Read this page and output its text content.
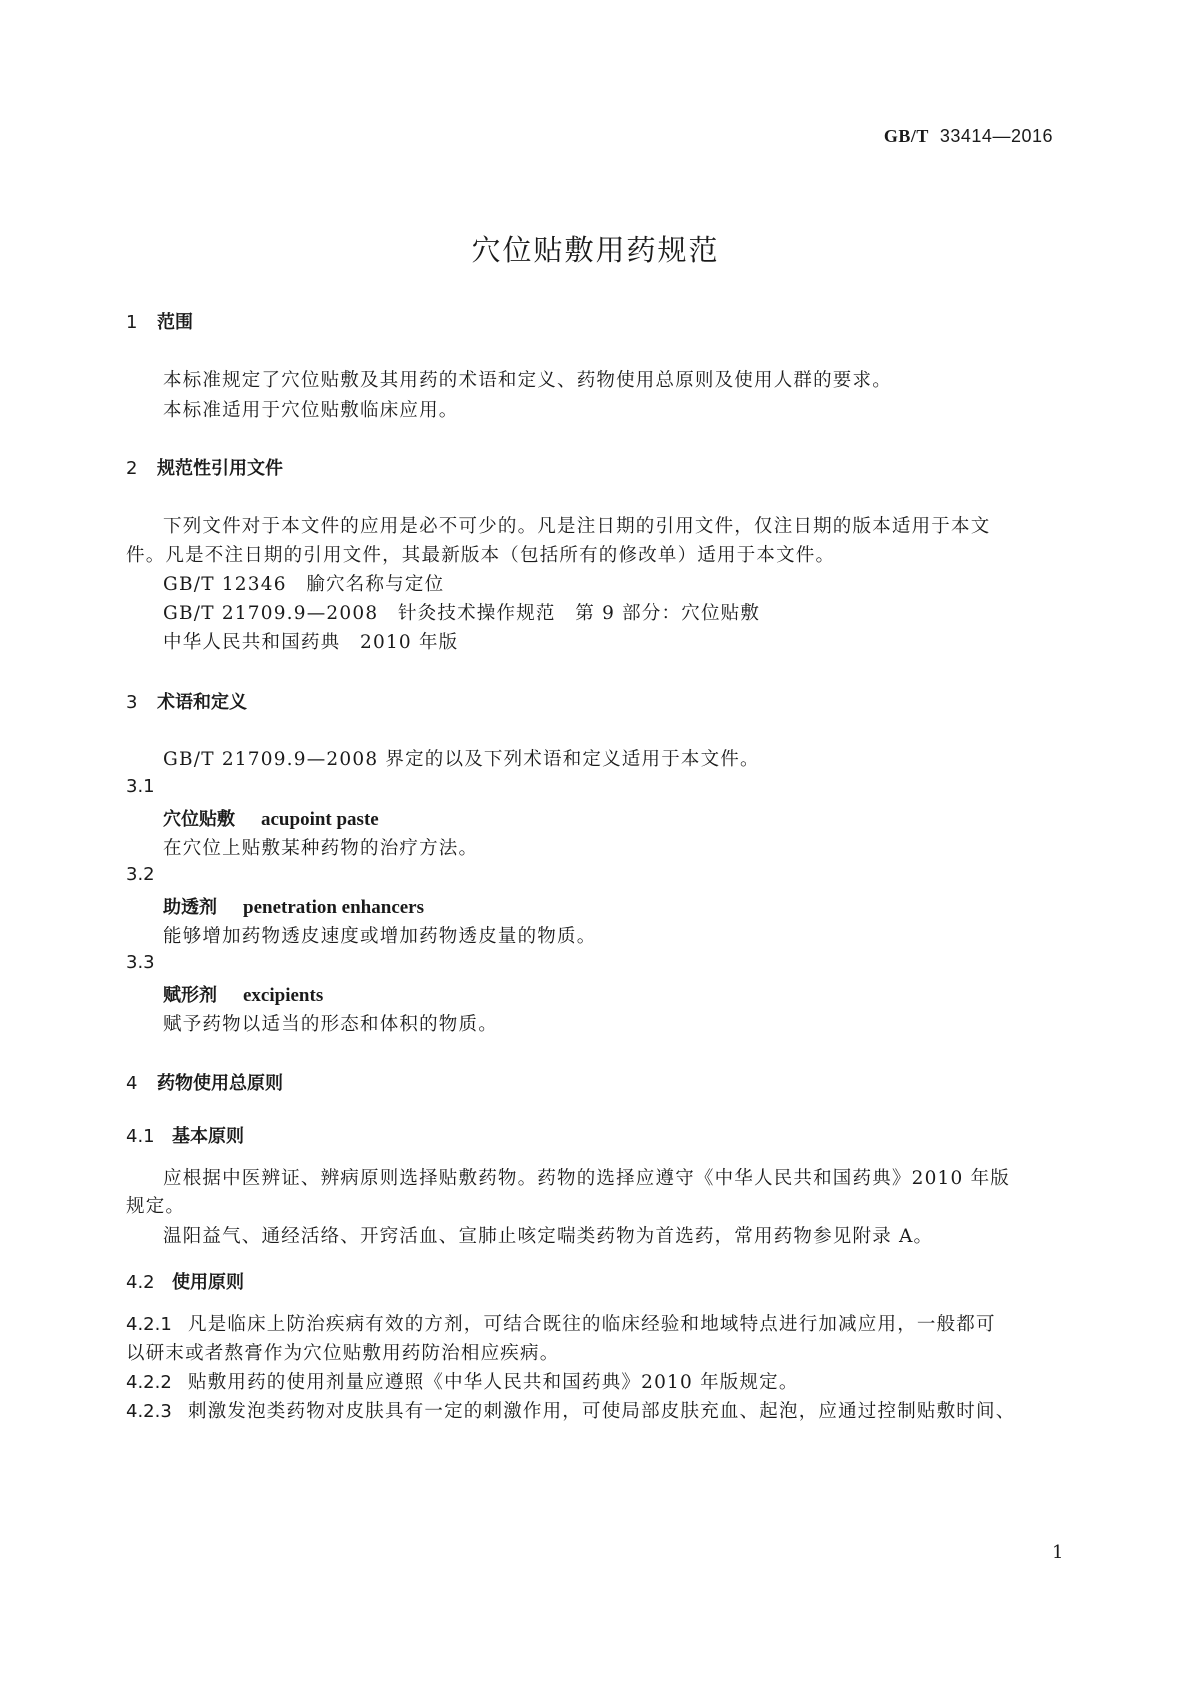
GB/T 33414—2016
穴位贴敷用药规范
1 范围
本标准规定了穴位贴敷及其用药的术语和定义、药物使用总原则及使用人群的要求。
本标准适用于穴位贴敷临床应用。
2 规范性引用文件
下列文件对于本文件的应用是必不可少的。凡是注日期的引用文件，仅注日期的版本适用于本文
件。凡是不注日期的引用文件，其最新版本（包括所有的修改单）适用于本文件。
GB/T 12346　腧穴名称与定位
GB/T 21709.9—2008　针灸技术操作规范　第 9 部分：穴位贴敷
中华人民共和国药典　2010 年版
3 术语和定义
GB/T 21709.9—2008 界定的以及下列术语和定义适用于本文件。
3.1
穴位贴敷 acupoint paste
在穴位上贴敷某种药物的治疗方法。
3.2
助透剂 penetration enhancers
能够增加药物透皮速度或增加药物透皮量的物质。
3.3
赋形剂 excipients
赋予药物以适当的形态和体积的物质。
4 药物使用总原则
4.1 基本原则
应根据中医辨证、辨病原则选择贴敷药物。药物的选择应遵守《中华人民共和国药典》2010 年版
规定。
温阳益气、通经活络、开窍活血、宣肺止咳定喘类药物为首选药，常用药物参见附录 A。
4.2 使用原则
4.2.1 凡是临床上防治疾病有效的方剂，可结合既往的临床经验和地域特点进行加减应用，一般都可
以研末或者熬膏作为穴位贴敷用药防治相应疾病。
4.2.2 贴敷用药的使用剂量应遵照《中华人民共和国药典》2010 年版规定。
4.2.3 刺激发泡类药物对皮肤具有一定的刺激作用，可使局部皮肤充血、起泡，应通过控制贴敷时间、
1
